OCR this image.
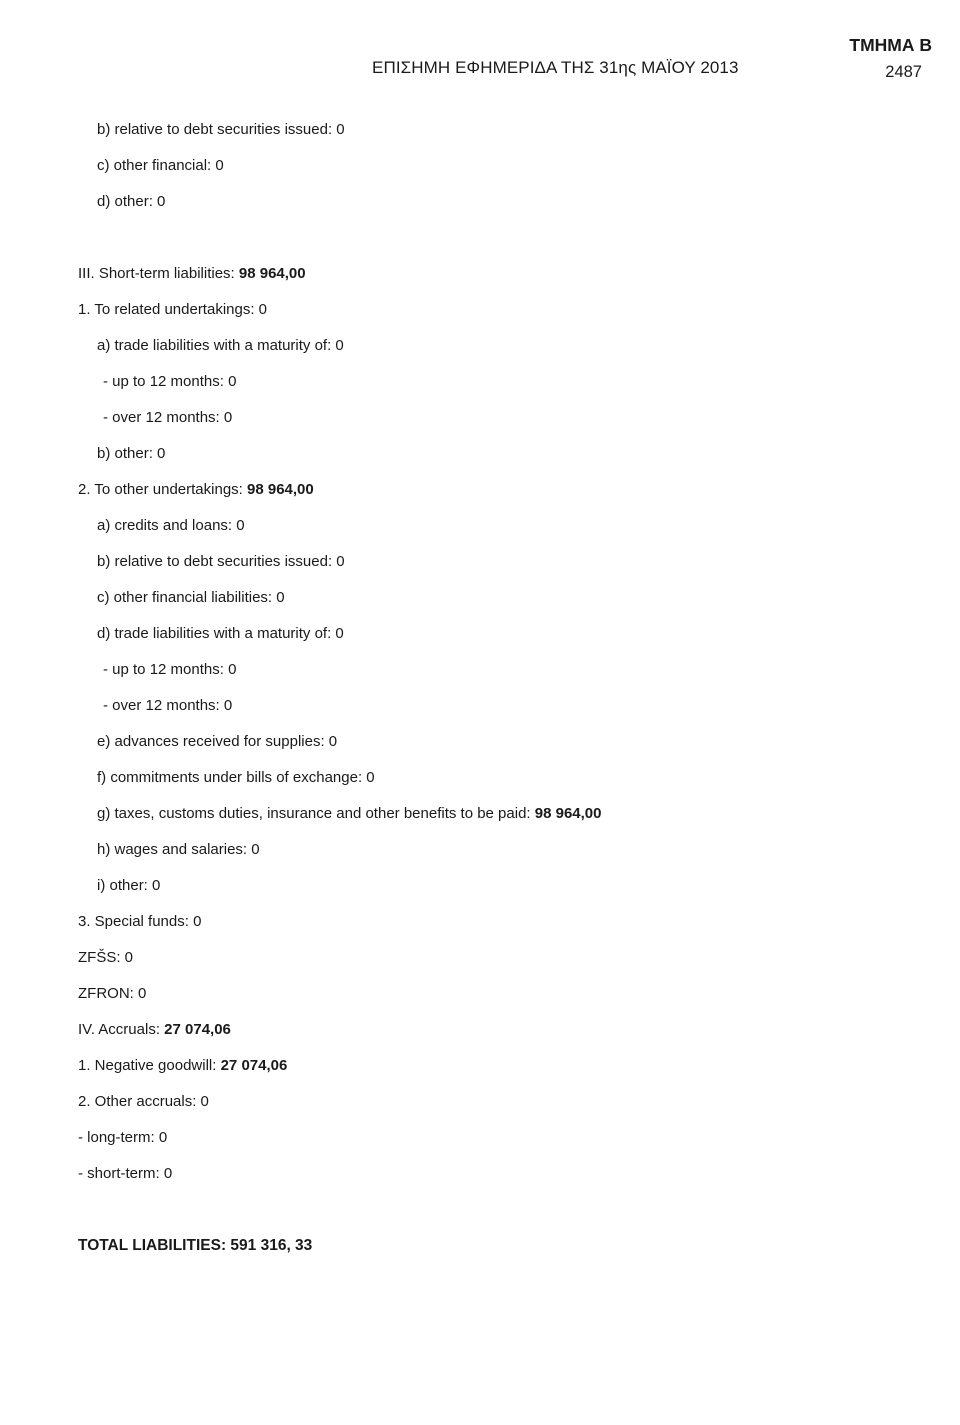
ΕΠΙΣΗΜΗ ΕΦΗΜΕΡΙΔΑ ΤΗΣ 31ης ΜΑΪΟΥ 2013
ΤΜΗΜΑ Β
2487
b) relative to debt securities issued: 0
c) other financial: 0
d) other: 0
III. Short-term liabilities: 98 964,00
1. To related undertakings: 0
a) trade liabilities with a maturity of: 0
- up to 12 months: 0
- over 12 months: 0
b) other: 0
2. To other undertakings: 98 964,00
a) credits and loans: 0
b) relative to debt securities issued: 0
c) other financial liabilities: 0
d) trade liabilities with a maturity of: 0
- up to 12 months: 0
- over 12 months: 0
e) advances received for supplies: 0
f) commitments under bills of exchange: 0
g) taxes, customs duties, insurance and other benefits to be paid: 98 964,00
h) wages and salaries: 0
i) other: 0
3. Special funds: 0
ZFŠS: 0
ZFRON: 0
IV. Accruals: 27 074,06
1. Negative goodwill: 27 074,06
2. Other accruals: 0
- long-term: 0
- short-term: 0
TOTAL LIABILITIES: 591 316, 33
